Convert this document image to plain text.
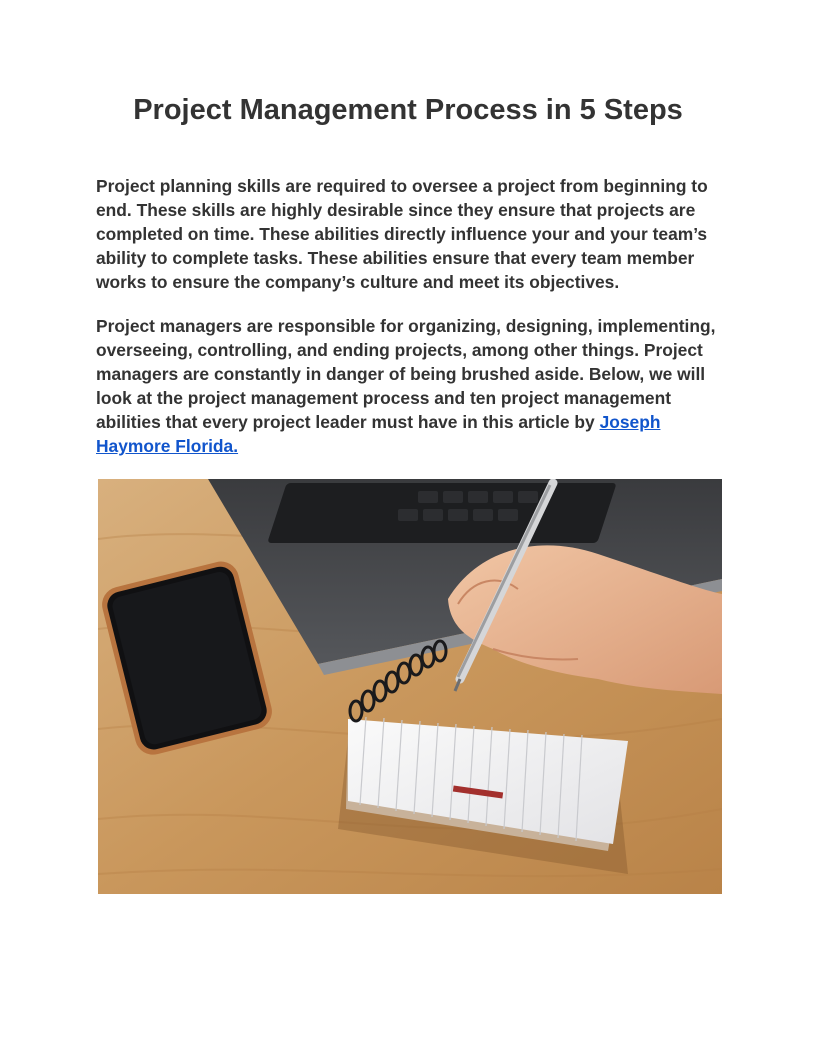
Project Management Process in 5 Steps

Project planning skills are required to oversee a project from beginning to end. These skills are highly desirable since they ensure that projects are completed on time. These abilities directly influence your and your team’s ability to complete tasks. These abilities ensure that every team member works to ensure the company’s culture and meet its objectives.

Project managers are responsible for organizing, designing, implementing, overseeing, controlling, and ending projects, among other things. Project managers are constantly in danger of being brushed aside. Below, we will look at the project management process and ten project management abilities that every project leader must have in this article by Joseph Haymore Florida.
